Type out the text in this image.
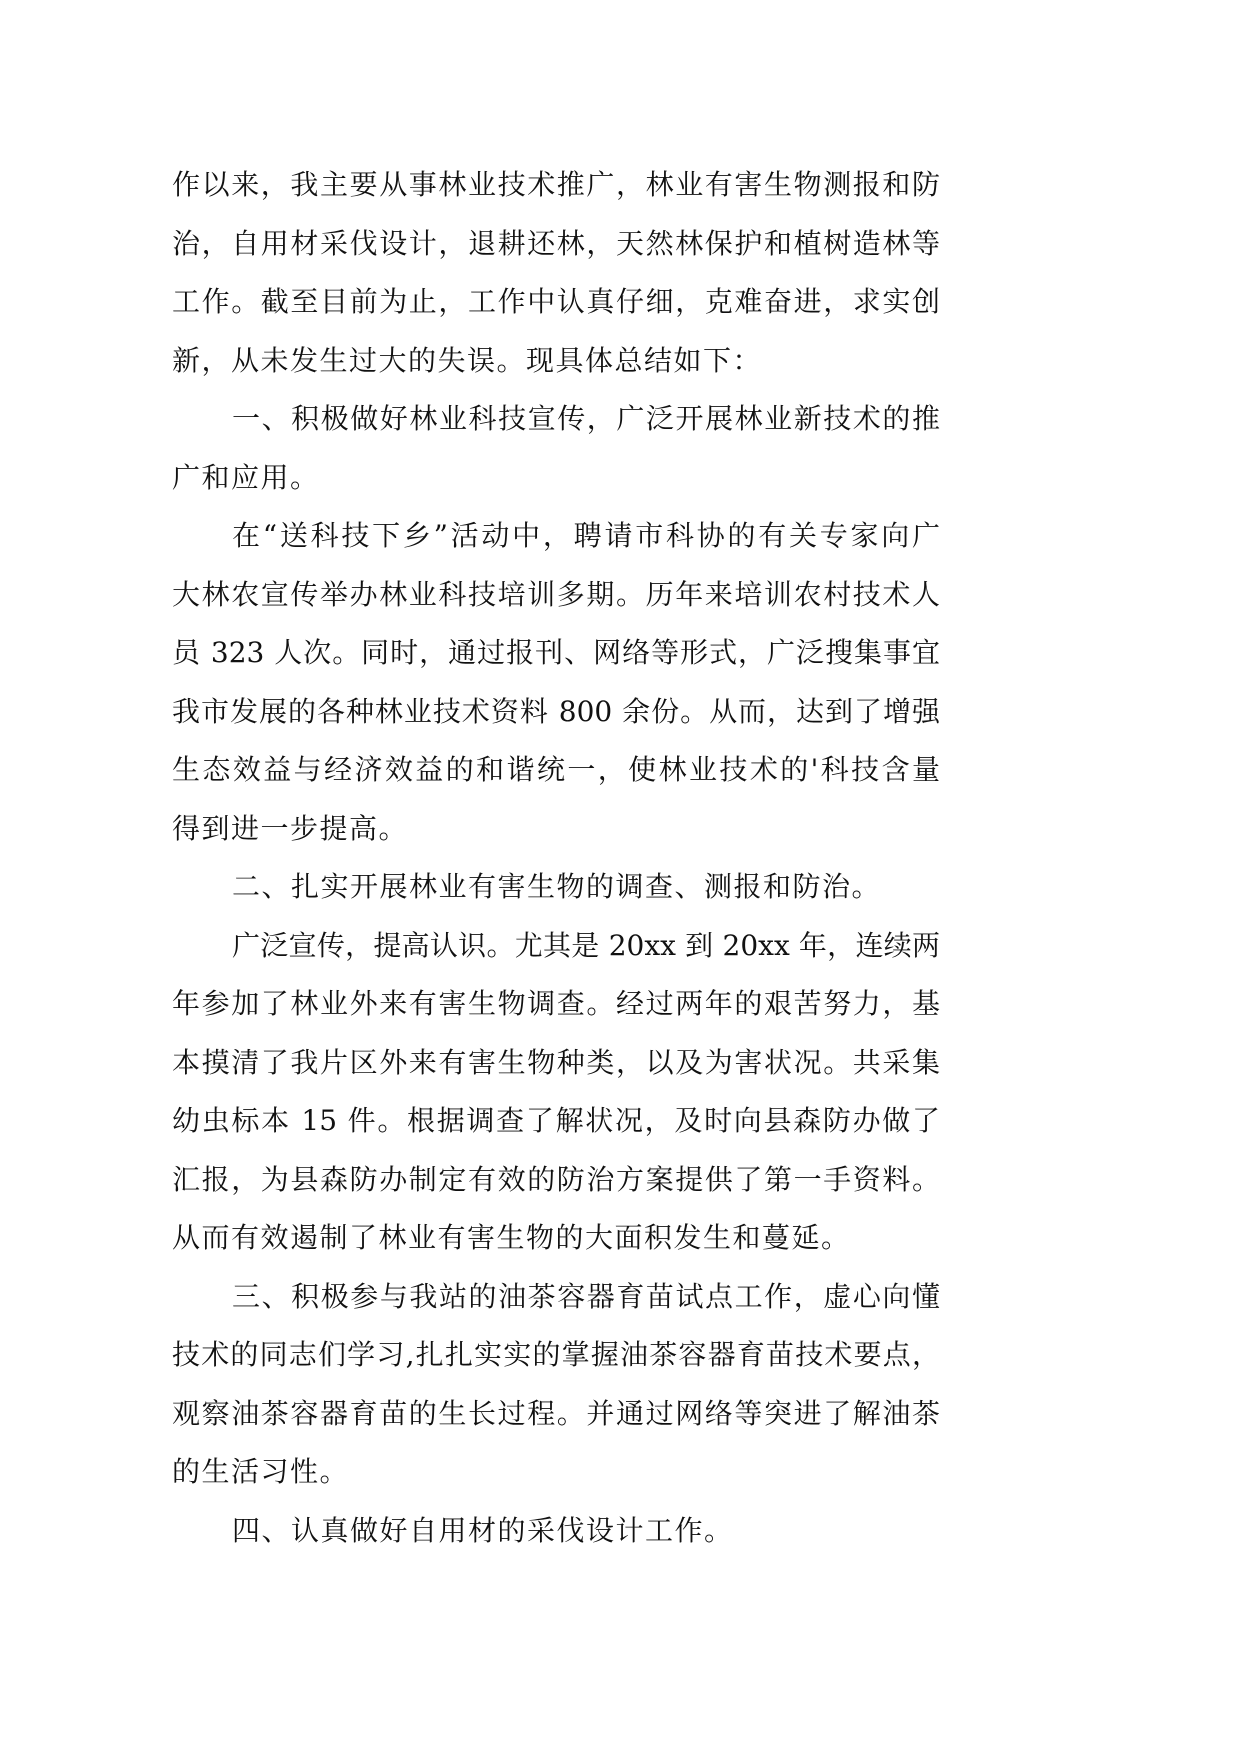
作以来，我主要从事林业技术推广，林业有害生物测报和防
治，自用材采伐设计，退耕还林，天然林保护和植树造林等
工作。截至目前为止，工作中认真仔细，克难奋进，求实创
新，从未发生过大的失误。现具体总结如下：
一、积极做好林业科技宣传，广泛开展林业新技术的推
广和应用。
在“送科技下乡”活动中，聘请市科协的有关专家向广
大林农宣传举办林业科技培训多期。历年来培训农村技术人
员 323 人次。同时，通过报刊、网络等形式，广泛搜集事宜
我市发展的各种林业技术资料 800 余份。从而，达到了增强
生态效益与经济效益的和谐统一，使林业技术的'科技含量
得到进一步提高。
二、扎实开展林业有害生物的调查、测报和防治。
广泛宣传，提高认识。尤其是 20xx 到 20xx 年，连续两
年参加了林业外来有害生物调查。经过两年的艰苦努力，基
本摸清了我片区外来有害生物种类，以及为害状况。共采集
幼虫标本 15 件。根据调查了解状况，及时向县森防办做了
汇报，为县森防办制定有效的防治方案提供了第一手资料。
从而有效遏制了林业有害生物的大面积发生和蔓延。
三、积极参与我站的油茶容器育苗试点工作，虚心向懂
技术的同志们学习,扎扎实实的掌握油茶容器育苗技术要点，
观察油茶容器育苗的生长过程。并通过网络等突进了解油茶
的生活习性。
四、认真做好自用材的采伐设计工作。
